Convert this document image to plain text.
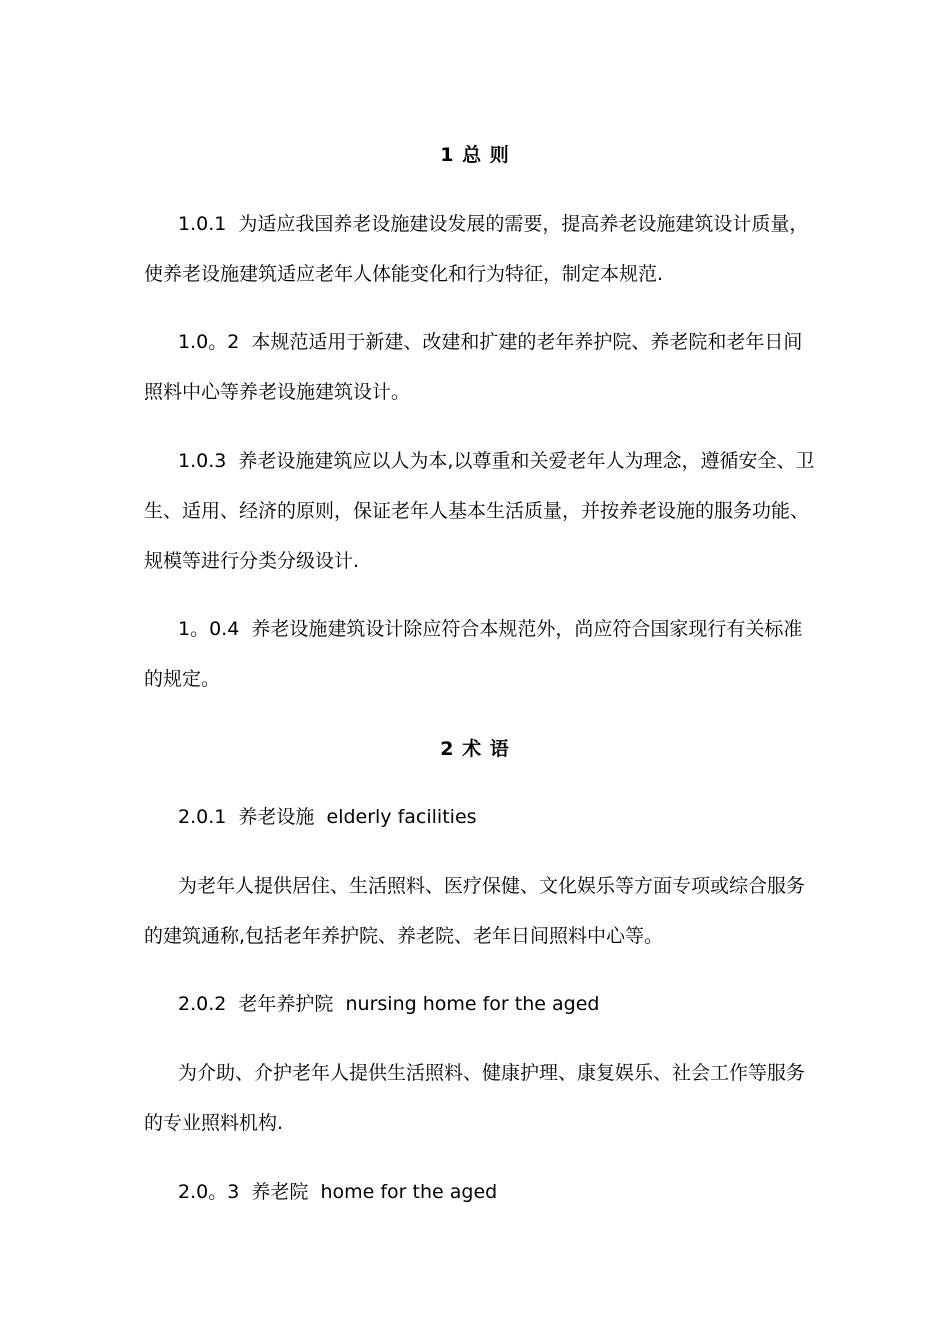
1 总 则

1.0.1  为适应我国养老设施建设发展的需要，提高养老设施建筑设计质量，

使养老设施建筑适应老年人体能变化和行为特征，制定本规范.

1.0。2  本规范适用于新建、改建和扩建的老年养护院、养老院和老年日间

照料中心等养老设施建筑设计。

1.0.3  养老设施建筑应以人为本,以尊重和关爱老年人为理念，遵循安全、卫

生、适用、经济的原则，保证老年人基本生活质量，并按养老设施的服务功能、

规模等进行分类分级设计.

1。0.4  养老设施建筑设计除应符合本规范外，尚应符合国家现行有关标准

的规定。

2 术 语

2.0.1  养老设施  elderly facilities

为老年人提供居住、生活照料、医疗保健、文化娱乐等方面专项或综合服务

的建筑通称,包括老年养护院、养老院、老年日间照料中心等。

2.0.2  老年养护院  nursing home for the aged

为介助、介护老年人提供生活照料、健康护理、康复娱乐、社会工作等服务

的专业照料机构.

2.0。3  养老院  home for the aged
